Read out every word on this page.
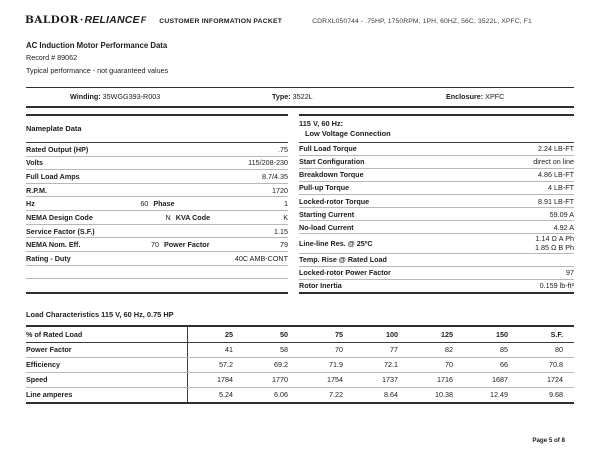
BALDOR·RELIANCEF CUSTOMER INFORMATION PACKET	CDRXL050744 - .75HP, 1750RPM, 1PH, 60HZ, 56C, 3522L, XPFC, F1
AC Induction Motor Performance Data
Record # 89062
Typical performance - not guaranteed values
Winding: 35WGG393-R003	Type: 3522L	Enclosure: XPFC
Nameplate Data
Rated Output (HP)	.75
Volts	115/208-230
Full Load Amps	8.7/4.35
R.P.M.	1720
Hz	60 Phase	1
NEMA Design Code	N KVA Code	K
Service Factor (S.F.)	1.15
NEMA Nom. Eff.	70 Power Factor	79
Rating - Duty	40C AMB-CONT
115 V, 60 Hz:
Low Voltage Connection
Full Load Torque	2.24 LB-FT
Start Configuration	direct on line
Breakdown Torque	4.86 LB-FT
Pull-up Torque	4 LB-FT
Locked-rotor Torque	8.91 LB-FT
Starting Current	59.09 A
No-load Current	4.92 A
Line-line Res. @ 25ºC
1.14 Ω A Ph
1.85 Ω B Ph
Temp. Rise @ Rated Load
Locked-rotor Power Factor	97
Rotor Inertia	0.159 lb-ft²
Load Characteristics 115 V, 60 Hz, 0.75 HP
% of Rated Load	25	50	75	100	125	150	S.F.
Power Factor	41	58	70	77	82	85	80
Efficiency	57.2	69.2	71.9	72.1	70	66	70.8
Speed	1784	1770	1754	1737	1716	1687	1724
Line amperes	5.24	6.06	7.22	8.64	10.38	12.49	9.68
Page 5 of 8
